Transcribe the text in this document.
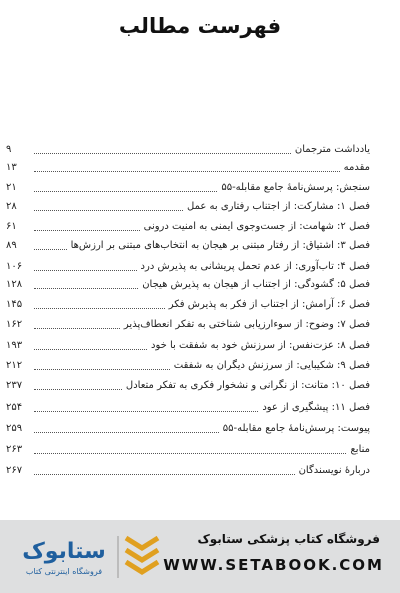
فهرست مطالب
یادداشت مترجمان
۹
مقدمه
۱۳
سنجش: پرسش‌نامهٔ جامع مقابله-۵۵
۲۱
فصل ۱: مشارکت: از اجتناب رفتاری به عمل
۲۸
فصل ۲: شهامت: از جست‌وجوی ایمنی به امنیت درونی
۶۱
فصل ۳: اشتیاق: از رفتار مبتنی بر هیجان به انتخاب‌های مبتنی بر ارزش‌ها
۸۹
فصل ۴: تاب‌آوری: از عدم تحمل پریشانی به پذیرش درد
۱۰۶
فصل ۵: گشودگی: از اجتناب از هیجان به پذیرش هیجان
۱۲۸
فصل ۶: آرامش: از اجتناب از فکر به پذیرش فکر
۱۴۵
فصل ۷: وضوح: از سوءارزیابی شناختی به تفکر انعطاف‌پذیر
۱۶۲
فصل ۸: عزت‌نفس: از سرزنش خود به شفقت با خود
۱۹۳
فصل ۹: شکیبایی: از سرزنش دیگران به شفقت
۲۱۲
فصل ۱۰: متانت: از نگرانی و نشخوار فکری به تفکر متعادل
۲۳۷
فصل ۱۱: پیشگیری از عود
۲۵۴
پیوست: پرسش‌نامهٔ جامع مقابله-۵۵
۲۵۹
منابع
۲۶۳
دربارهٔ نویسندگان
۲۶۷
ستابوک
فروشگاه اینترنتی کتاب
فروشگاه کتاب پزشکی ستابوک
WWW.SETABOOK.COM
